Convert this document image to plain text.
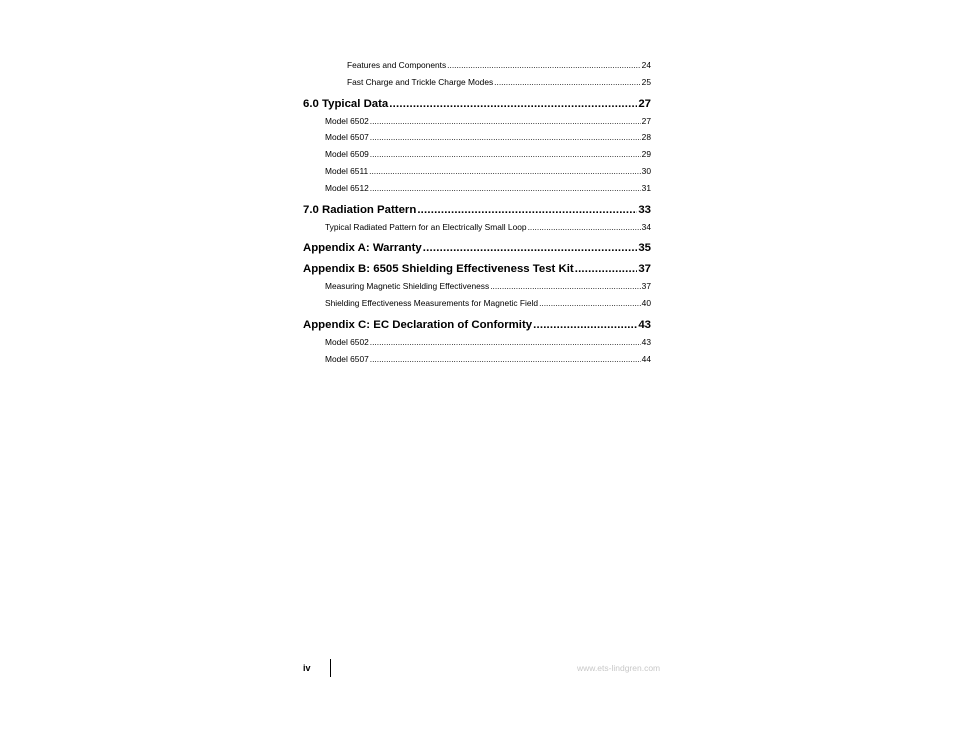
Features and Components .....	24
Fast Charge and Trickle Charge Modes .....	25
6.0 Typical Data .....	27
Model 6502 .....	27
Model 6507 .....	28
Model 6509 .....	29
Model 6511 .....	30
Model 6512 .....	31
7.0 Radiation Pattern .....	33
Typical Radiated Pattern for an Electrically Small Loop .....	34
Appendix A: Warranty .....	35
Appendix B: 6505 Shielding Effectiveness Test Kit .....	37
Measuring Magnetic Shielding Effectiveness .....	37
Shielding Effectiveness Measurements for Magnetic Field .....	40
Appendix C: EC Declaration of Conformity .....	43
Model 6502 .....	43
Model 6507 .....	44
iv	www.ets-lindgren.com
